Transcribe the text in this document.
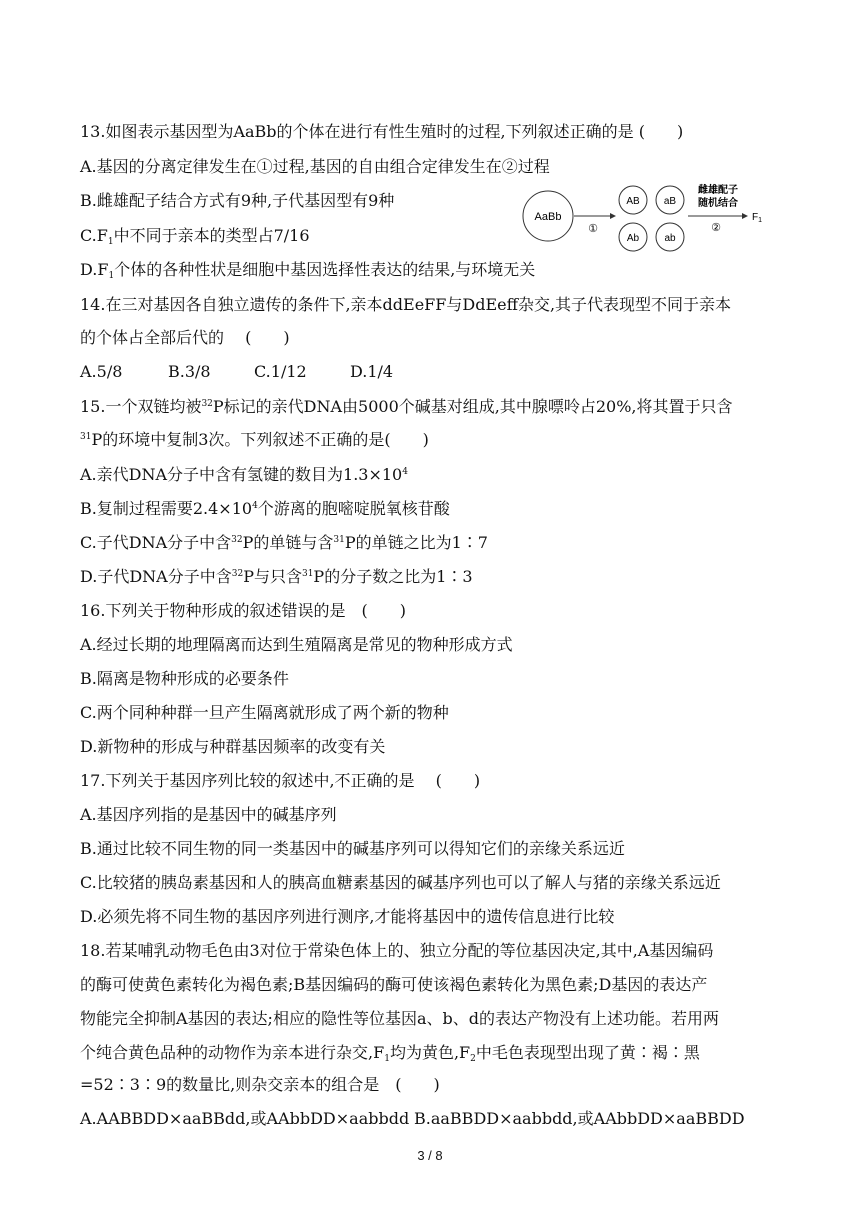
13.如图表示基因型为AaBb的个体在进行有性生殖时的过程,下列叙述正确的是 (　　)
A.基因的分离定律发生在①过程,基因的自由组合定律发生在②过程
B.雌雄配子结合方式有9种,子代基因型有9种
$C.F_1$中不同于亲本的类型占7/16
$D.F_1$个体的各种性状是细胞中基因选择性表达的结果,与环境无关
AaBb
①
AB aB
Ab	ab
雌雄配子
随机结合
②
$F_1$
14.在三对基因各自独立遗传的条件下,亲本ddEeFF与DdEeff杂交,其子代表现型不同于亲本
的个体占全部后代的　 (　　)
A.5/8	B.3/8	C.1/12	D.1/4
15.一个双链均被$^{32}$P标记的亲代DNA由5000个碱基对组成,其中腺嘌呤占20%,将其置于只含
$^{31}$P的环境中复制3次。下列叙述不正确的是(　　)
A.亲代DNA分子中含有氢键的数目为$1.3\times 10^4$
B.复制过程需要$2.4\times 10^4$个游离的胞嘧啶脱氧核苷酸
C.子代DNA分子中含$^{32}$P的单链与含$^{31}$P的单链之比为1∶7
D.子代DNA分子中含$^{32}$P与只含$^{31}$P的分子数之比为1∶3
16.下列关于物种形成的叙述错误的是　(　　)
A.经过长期的地理隔离而达到生殖隔离是常见的物种形成方式
B.隔离是物种形成的必要条件
C.两个同种种群一旦产生隔离就形成了两个新的物种
D.新物种的形成与种群基因频率的改变有关
17.下列关于基因序列比较的叙述中,不正确的是　 (　　)
A.基因序列指的是基因中的碱基序列
B.通过比较不同生物的同一类基因中的碱基序列可以得知它们的亲缘关系远近
C.比较猪的胰岛素基因和人的胰高血糖素基因的碱基序列也可以了解人与猪的亲缘关系远近
D.必须先将不同生物的基因序列进行测序,才能将基因中的遗传信息进行比较
18.若某哺乳动物毛色由3对位于常染色体上的、独立分配的等位基因决定,其中,A基因编码
的酶可使黄色素转化为褐色素;B基因编码的酶可使该褐色素转化为黑色素;D基因的表达产
物能完全抑制A基因的表达;相应的隐性等位基因a、b、d的表达产物没有上述功能。若用两
个纯合黄色品种的动物作为亲本进行杂交$,F_1$均为黄色$,F_2$中毛色表现型出现了黄∶褐∶黑
=52∶3∶9的数量比,则杂交亲本的组合是　(　　)
A.AABBDD×aaBBdd,或AAbbDD×aabbdd B.aaBBDD×aabbdd,或AAbbDD×aaBBDD
3 / 8
